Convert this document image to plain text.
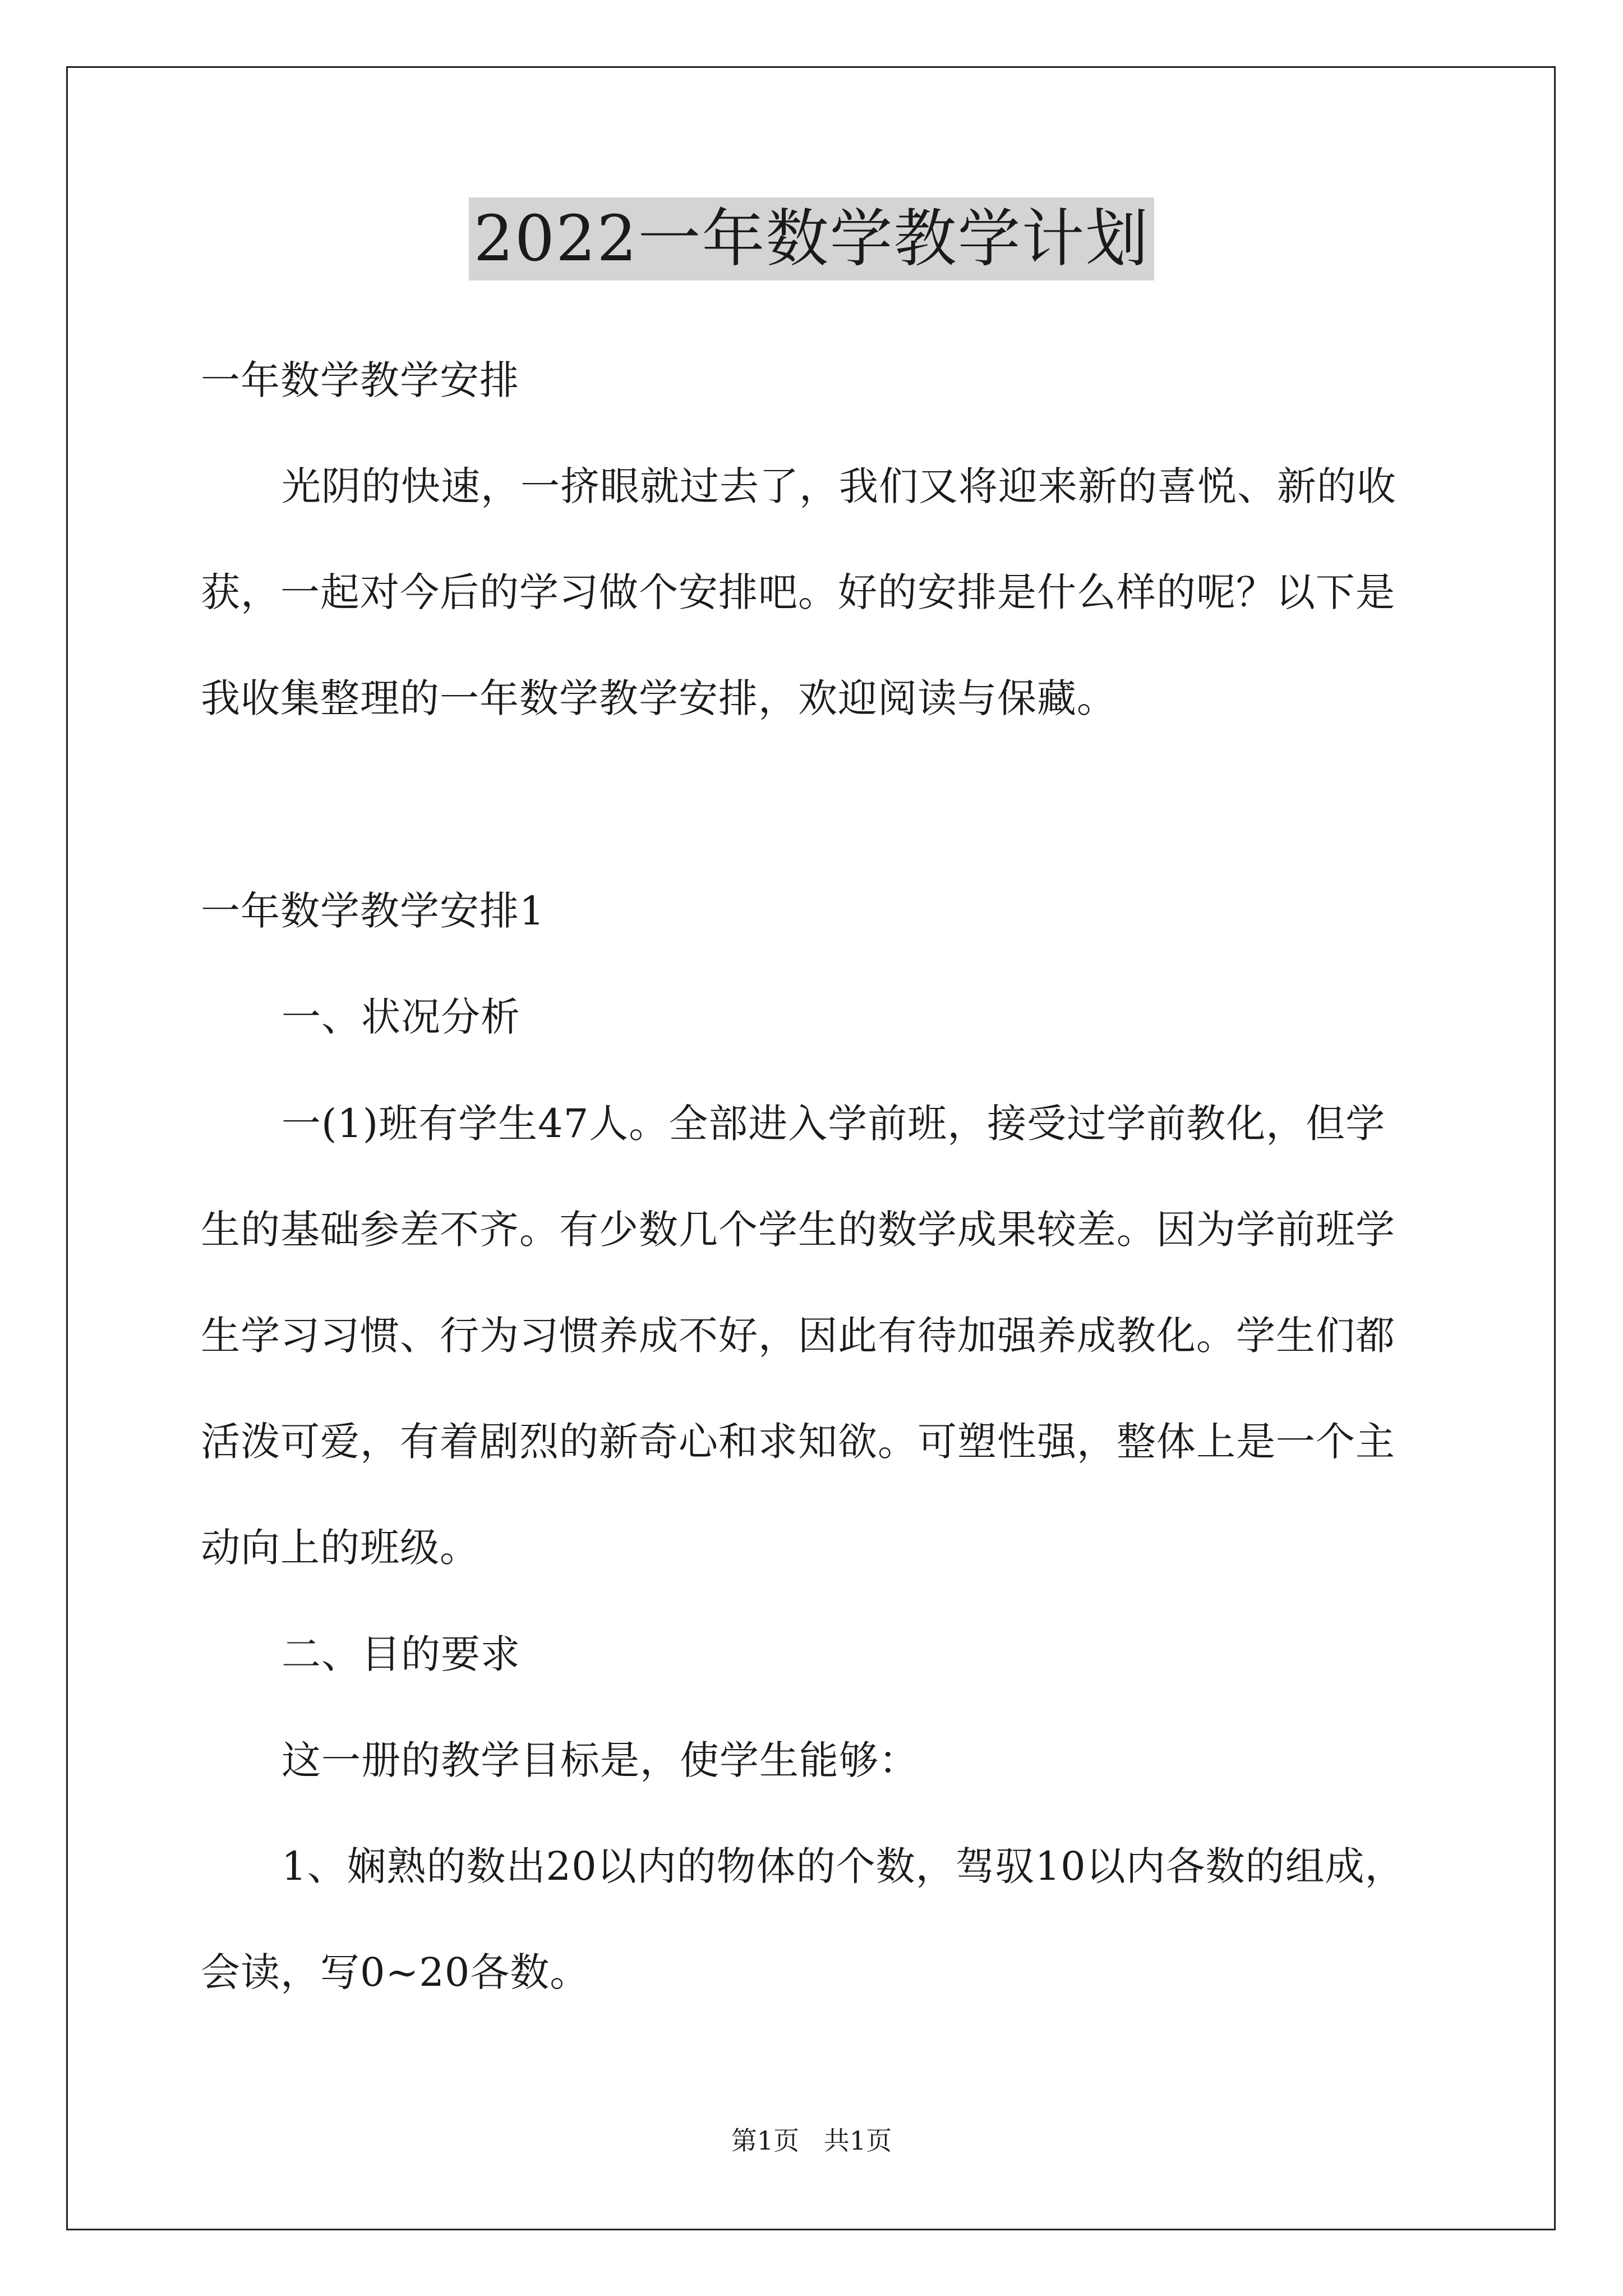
2022一年数学教学计划
一年数学教学安排
光阴的快速，一挤眼就过去了，我们又将迎来新的喜悦、新的收
获，一起对今后的学习做个安排吧。好的安排是什么样的呢？以下是
我收集整理的一年数学教学安排，欢迎阅读与保藏。
一年数学教学安排1
一、状况分析
一(1)班有学生47人。全部进入学前班，接受过学前教化，但学
生的基础参差不齐。有少数几个学生的数学成果较差。因为学前班学
生学习习惯、行为习惯养成不好，因此有待加强养成教化。学生们都
活泼可爱，有着剧烈的新奇心和求知欲。可塑性强，整体上是一个主
动向上的班级。
二、目的要求
这一册的教学目标是，使学生能够：
1、娴熟的数出20以内的物体的个数，驾驭10以内各数的组成，
会读，写0~20各数。
第1页   共1页
